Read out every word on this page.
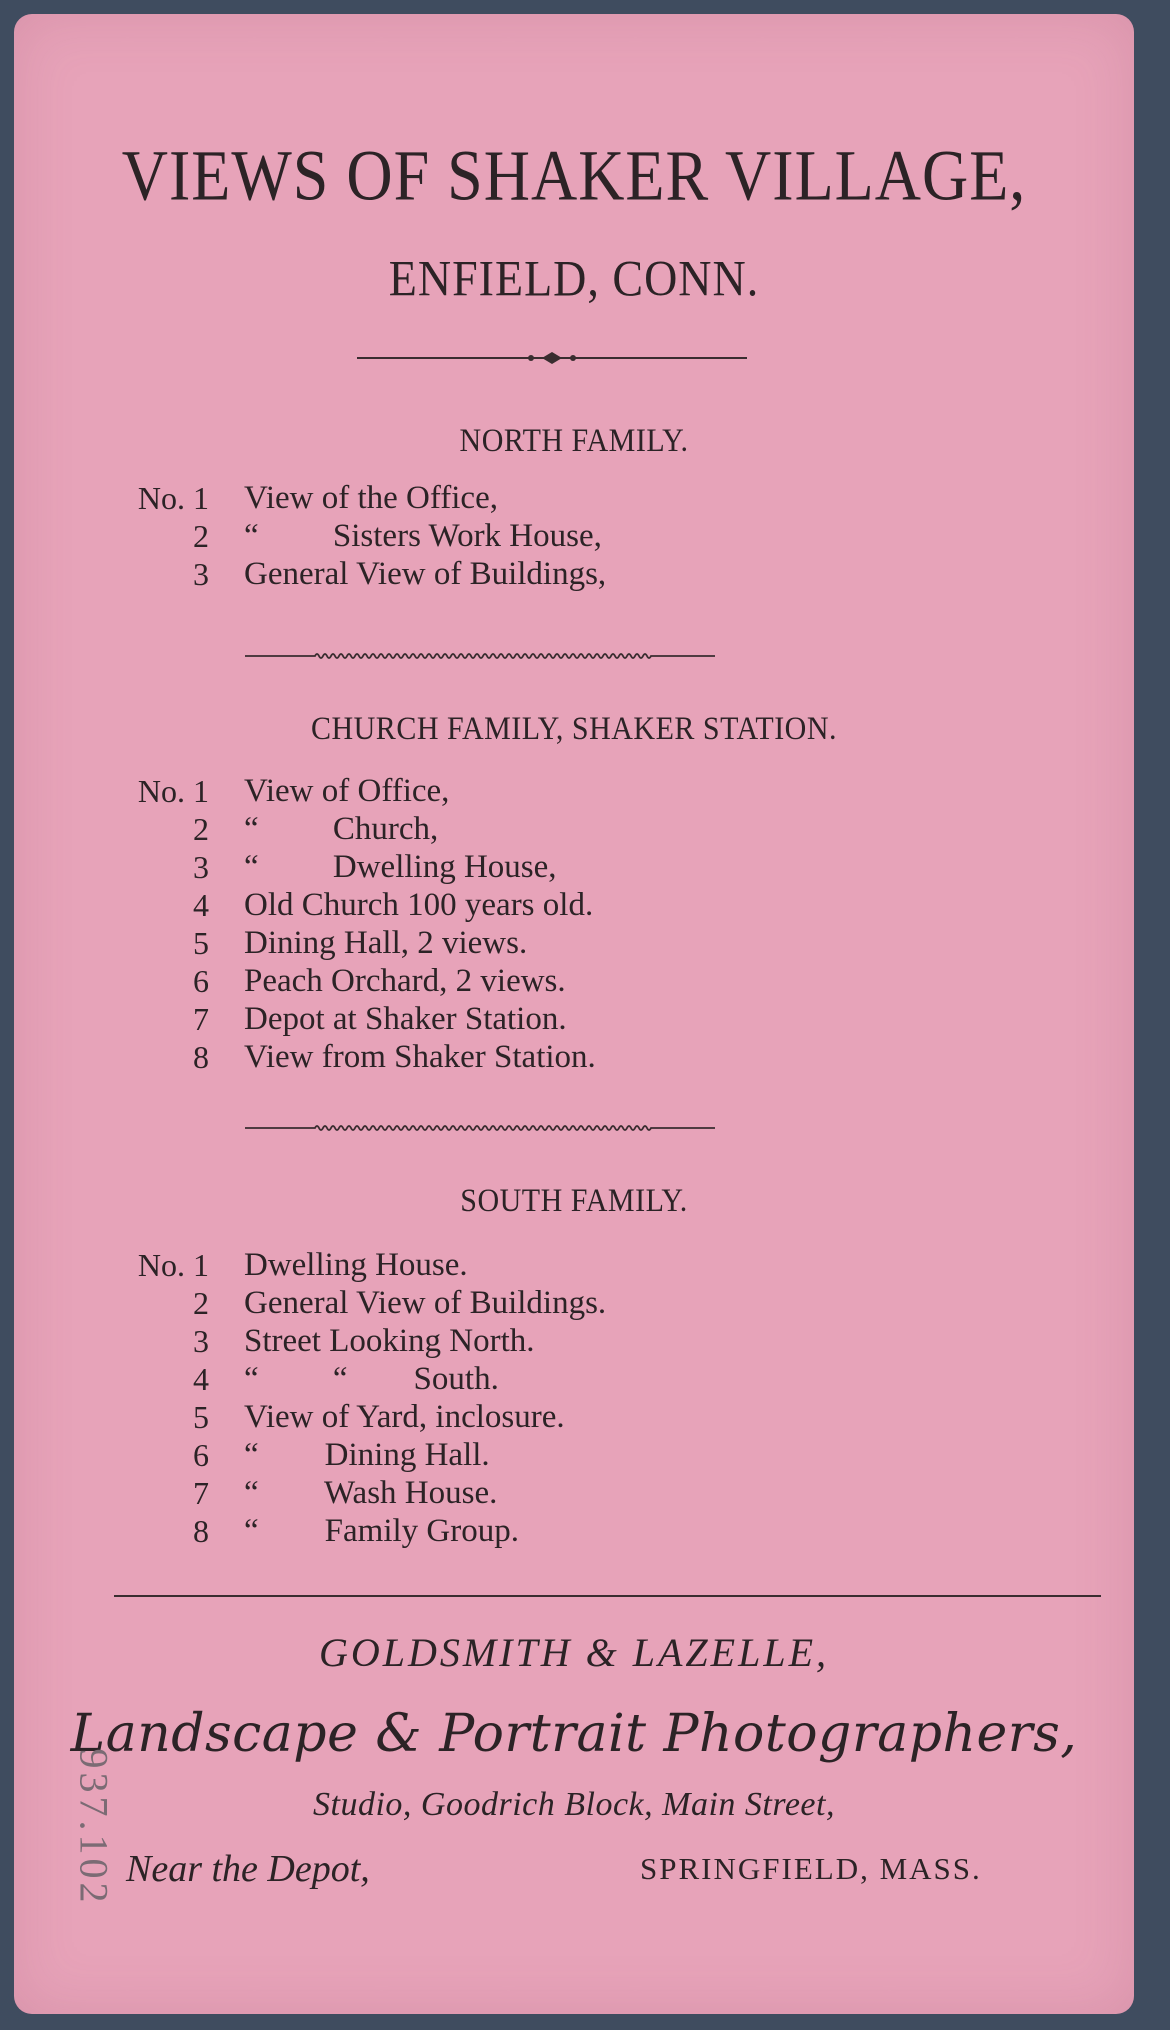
VIEWS OF SHAKER VILLAGE,
ENFIELD, CONN.
NORTH FAMILY.
No. 1 View of the Office,
2 “         Sisters Work House,
3 General View of Buildings,
CHURCH FAMILY, SHAKER STATION.
No. 1 View of Office,
2 “         Church,
3 “         Dwelling House,
4 Old Church 100 years old.
5 Dining Hall, 2 views.
6 Peach Orchard, 2 views.
7 Depot at Shaker Station.
8 View from Shaker Station.
SOUTH FAMILY.
No. 1 Dwelling House.
2 General View of Buildings.
3 Street Looking North.
4 “         “        South.
5 View of Yard, inclosure.
6 “        Dining Hall.
7 “        Wash House.
8 “        Family Group.
GOLDSMITH & LAZELLE,
Landscape & Portrait Photographers,
Studio, Goodrich Block, Main Street,
Near the Depot,	SPRINGFIELD, MASS.
937.102
